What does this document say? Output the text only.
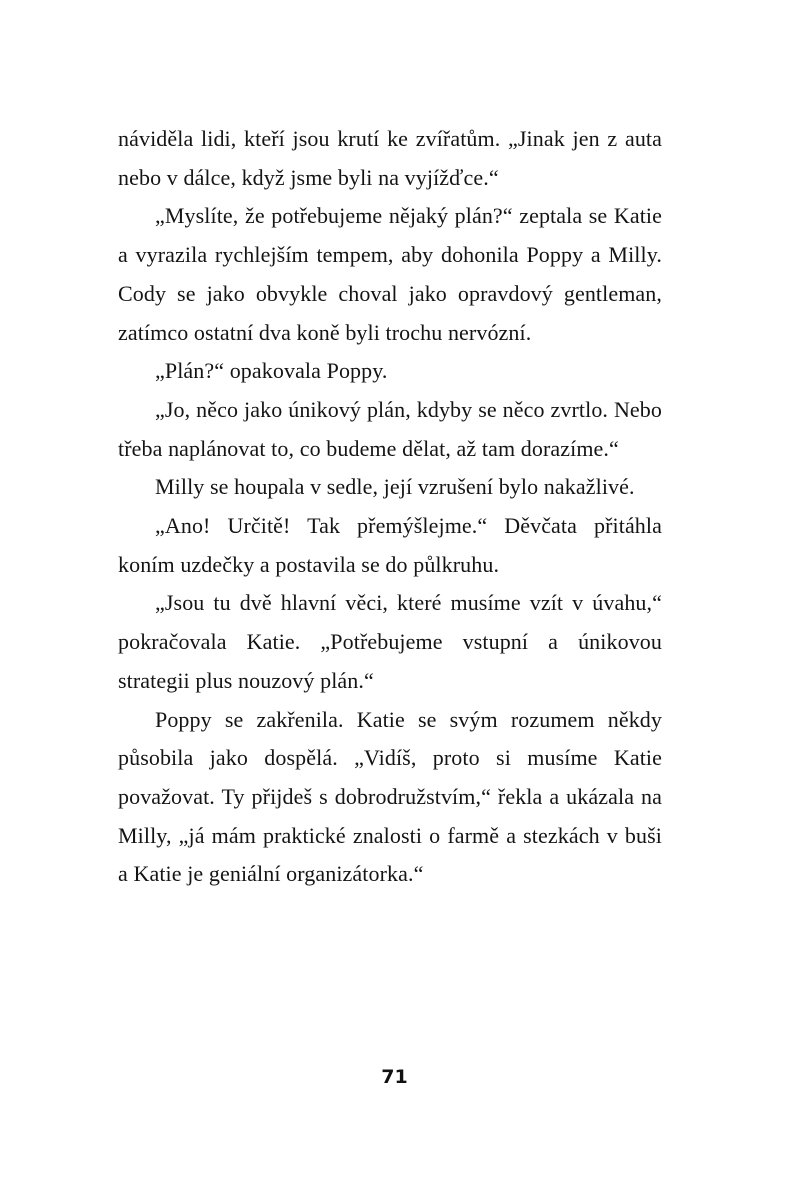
náviděla lidi, kteří jsou krutí ke zvířatům. „Jinak jen z auta nebo v dálce, když jsme byli na vyjížďce.“

„Myslíte, že potřebujeme nějaký plán?“ zeptala se Katie a vyrazila rychlejším tempem, aby dohonila Poppy a Milly. Cody se jako obvykle choval jako opravdový gentleman, zatímco ostatní dva koně byli trochu nervózní.

„Plán?“ opakovala Poppy.

„Jo, něco jako únikový plán, kdyby se něco zvrtlo. Nebo třeba naplánovat to, co budeme dělat, až tam dorazíme.“

Milly se houpala v sedle, její vzrušení bylo nakažlivé.

„Ano! Určitě! Tak přemýšlejme.“ Děvčata přitáhla koním uzdečky a postavila se do půlkruhu.

„Jsou tu dvě hlavní věci, které musíme vzít v úvahu,“ pokračovala Katie. „Potřebujeme vstupní a únikovou strategii plus nouzový plán.“

Poppy se zakřenila. Katie se svým rozumem někdy působila jako dospělá. „Vidíš, proto si musíme Katie považovat. Ty přijdeš s dobrodružstvím,“ řekla a ukázala na Milly, „já mám praktické znalosti o farmě a stezkách v buši a Katie je geniální organizátorka.“

71
